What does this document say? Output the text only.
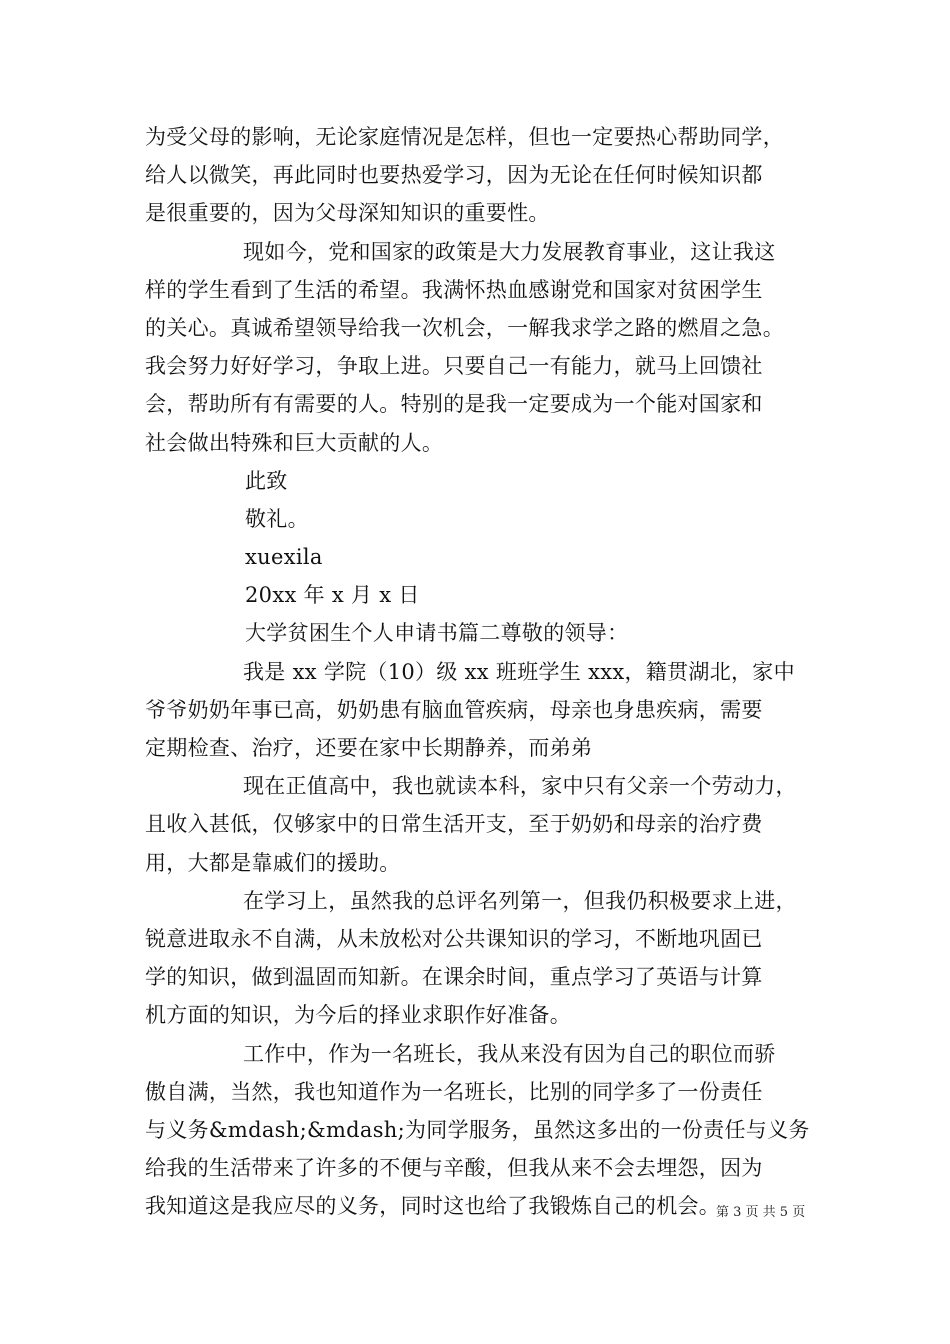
为受父母的影响，无论家庭情况是怎样，但也一定要热心帮助同学，
给人以微笑，再此同时也要热爱学习，因为无论在任何时候知识都
是很重要的，因为父母深知知识的重要性。
现如今，党和国家的政策是大力发展教育事业，这让我这
样的学生看到了生活的希望。我满怀热血感谢党和国家对贫困学生
的关心。真诚希望领导给我一次机会，一解我求学之路的燃眉之急。
我会努力好好学习，争取上进。只要自己一有能力，就马上回馈社
会，帮助所有有需要的人。特别的是我一定要成为一个能对国家和
社会做出特殊和巨大贡献的人。
此致
敬礼。
xuexila
20xx 年 x 月 x 日
大学贫困生个人申请书篇二尊敬的领导：
我是 xx 学院（10）级 xx 班班学生 xxx，籍贯湖北，家中
爷爷奶奶年事已高，奶奶患有脑血管疾病，母亲也身患疾病，需要
定期检查、治疗，还要在家中长期静养，而弟弟
现在正值高中，我也就读本科，家中只有父亲一个劳动力，
且收入甚低，仅够家中的日常生活开支，至于奶奶和母亲的治疗费
用，大都是靠戚们的援助。
在学习上，虽然我的总评名列第一，但我仍积极要求上进，
锐意进取永不自满，从未放松对公共课知识的学习，不断地巩固已
学的知识，做到温固而知新。在课余时间，重点学习了英语与计算
机方面的知识，为今后的择业求职作好准备。
工作中，作为一名班长，我从来没有因为自己的职位而骄
傲自满，当然，我也知道作为一名班长，比别的同学多了一份责任
与义务&mdash;&mdash;为同学服务，虽然这多出的一份责任与义务
给我的生活带来了许多的不便与辛酸，但我从来不会去埋怨，因为
我知道这是我应尽的义务，同时这也给了我锻炼自己的机会。
第 3 页 共 5 页
